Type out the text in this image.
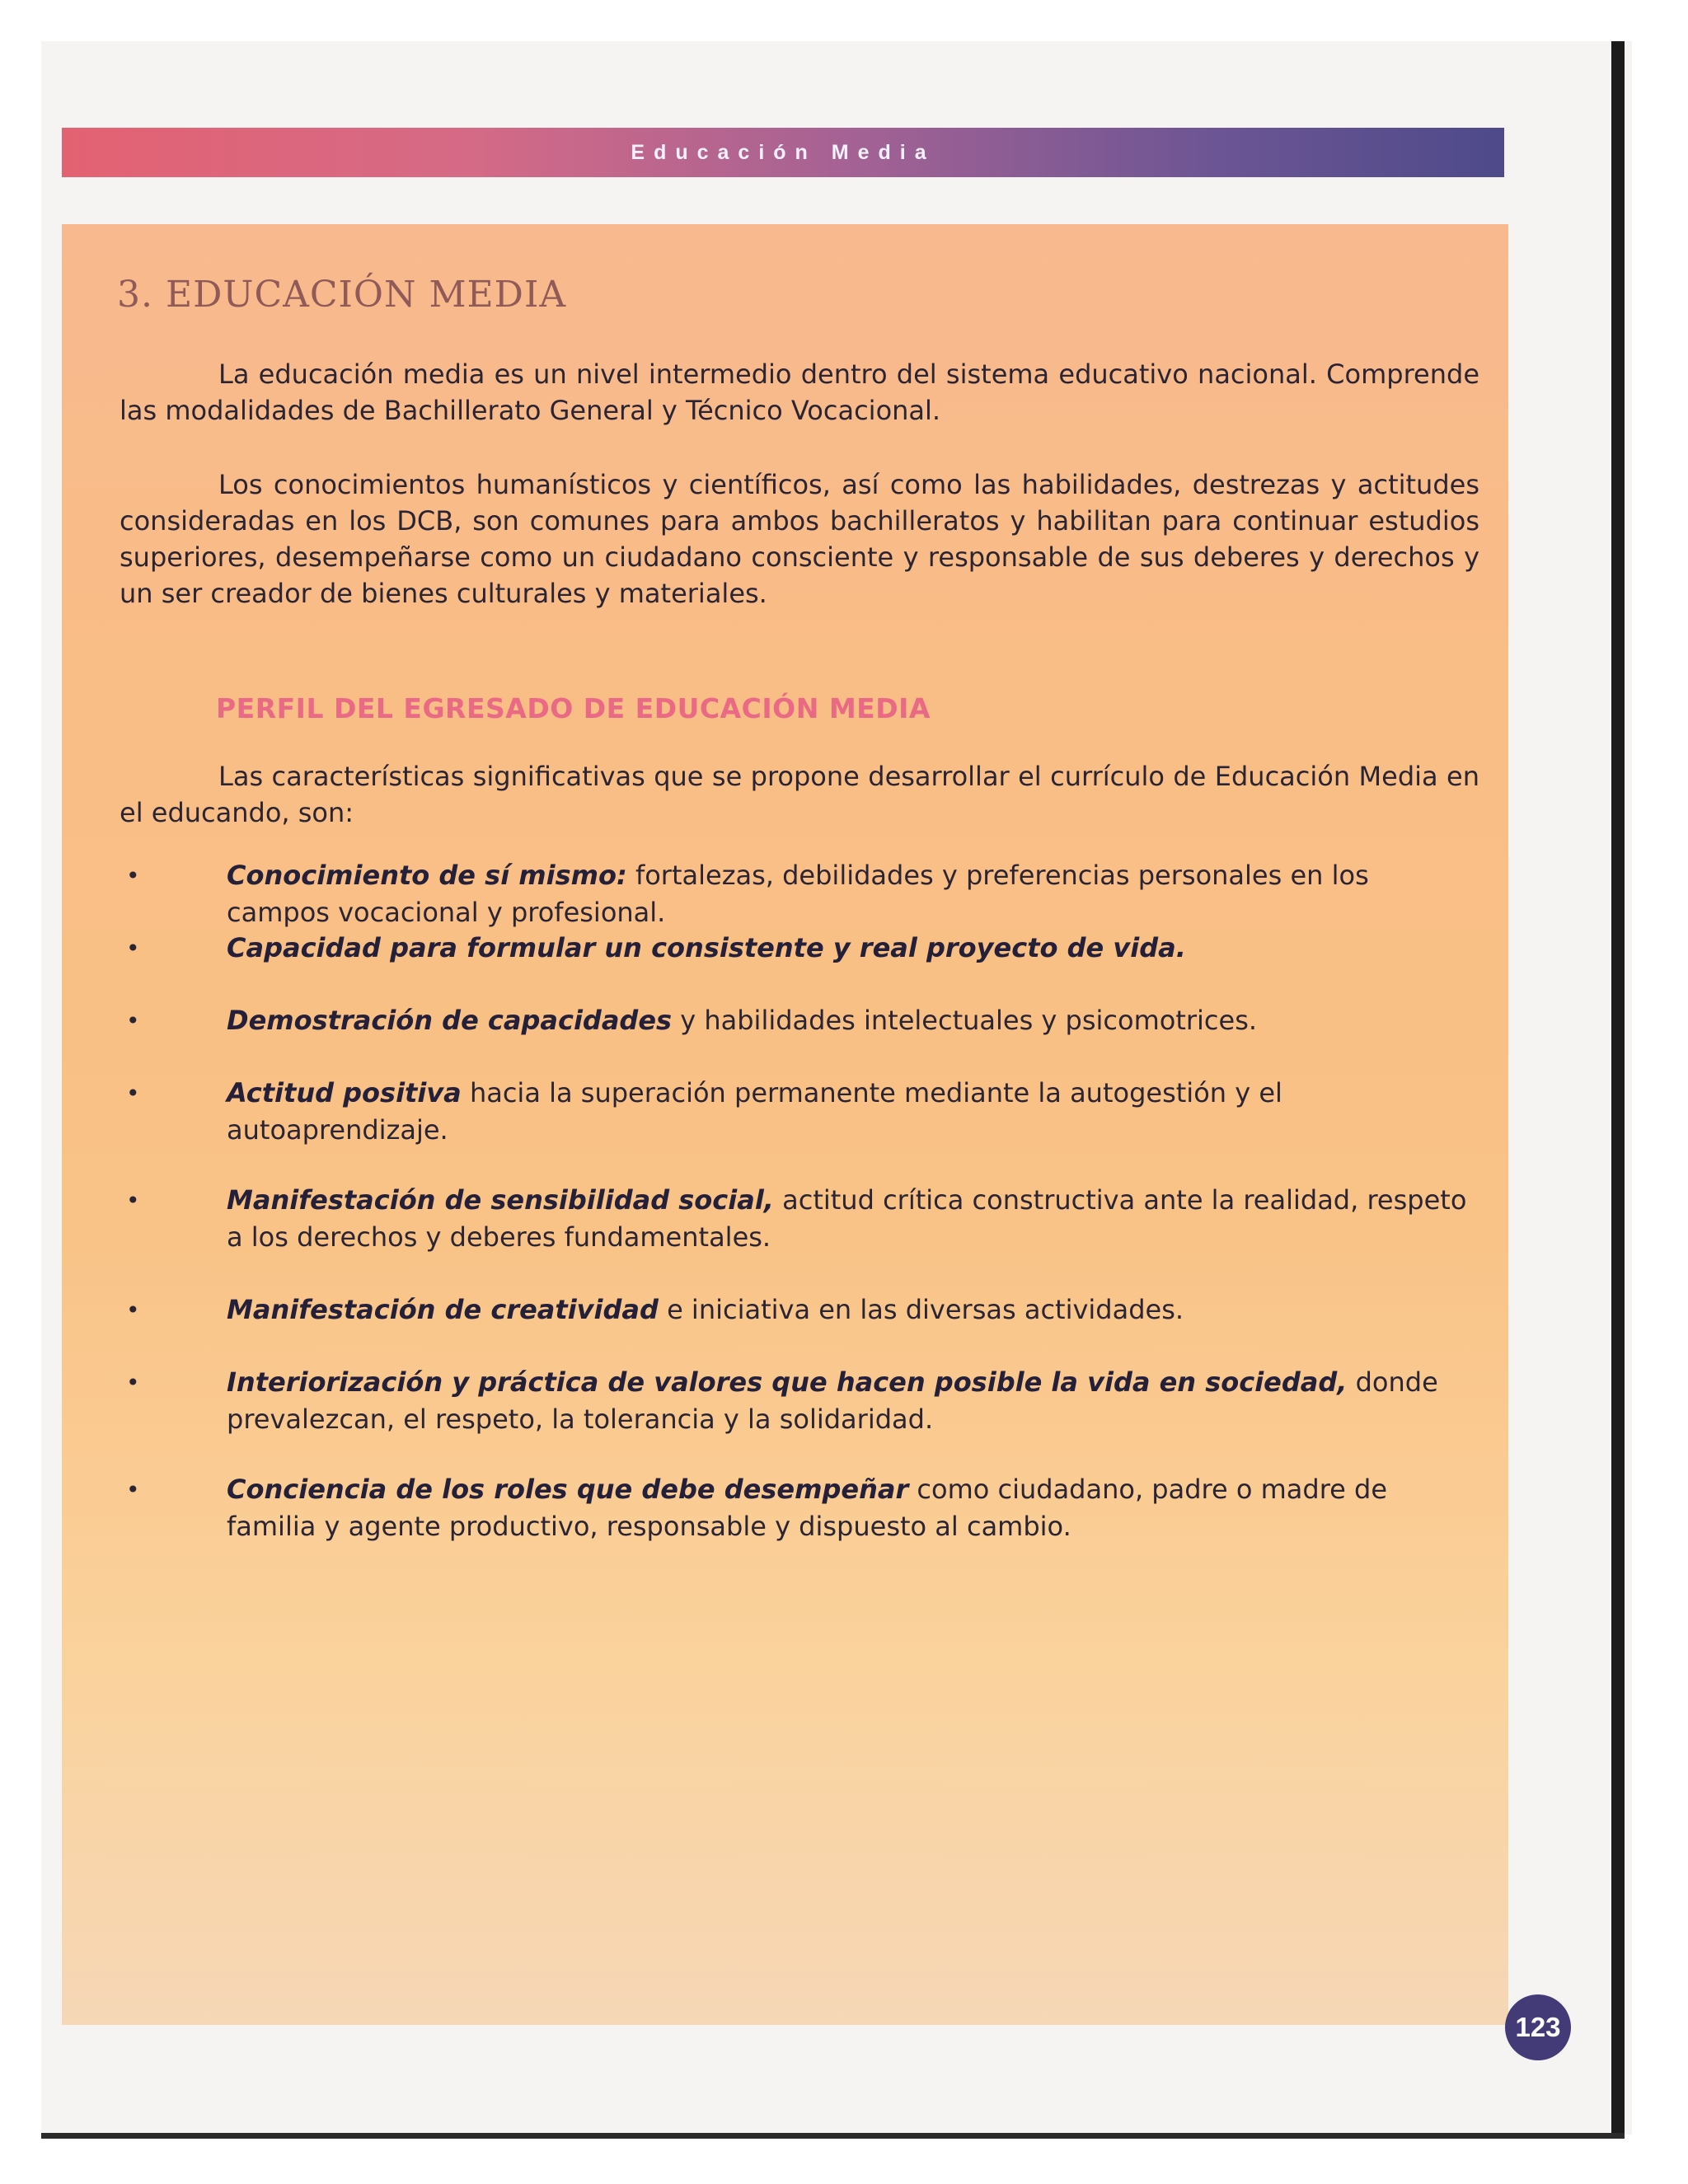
Educación Media
3. EDUCACIÓN MEDIA

La educación media es un nivel intermedio dentro del sistema educativo nacional. Comprende las modalidades de Bachillerato General y Técnico Vocacional.

Los conocimientos humanísticos y científicos, así como las habilidades, destrezas y actitudes consideradas en los DCB, son comunes para ambos bachilleratos y habilitan para continuar estudios superiores, desempeñarse como un ciudadano consciente y responsable de sus deberes y derechos y un ser creador de bienes culturales y materiales.

PERFIL DEL EGRESADO DE EDUCACIÓN MEDIA

Las características significativas que se propone desarrollar el currículo de Educación Media en el educando, son:

•	Conocimiento de sí mismo: fortalezas, debilidades y preferencias personales en los campos vocacional y profesional.
•	Capacidad para formular un consistente y real proyecto de vida.
•	Demostración de capacidades y habilidades intelectuales y psicomotrices.
•	Actitud positiva hacia la superación permanente mediante la autogestión y el autoaprendizaje.
•	Manifestación de sensibilidad social, actitud crítica constructiva ante la realidad, respeto a los derechos y deberes fundamentales.
•	Manifestación de creatividad e iniciativa en las diversas actividades.
•	Interiorización y práctica de valores que hacen posible la vida en sociedad, donde prevalezcan, el respeto, la tolerancia y la solidaridad.
•	Conciencia de los roles que debe desempeñar como ciudadano, padre o madre de familia y agente productivo, responsable y dispuesto al cambio.
123
